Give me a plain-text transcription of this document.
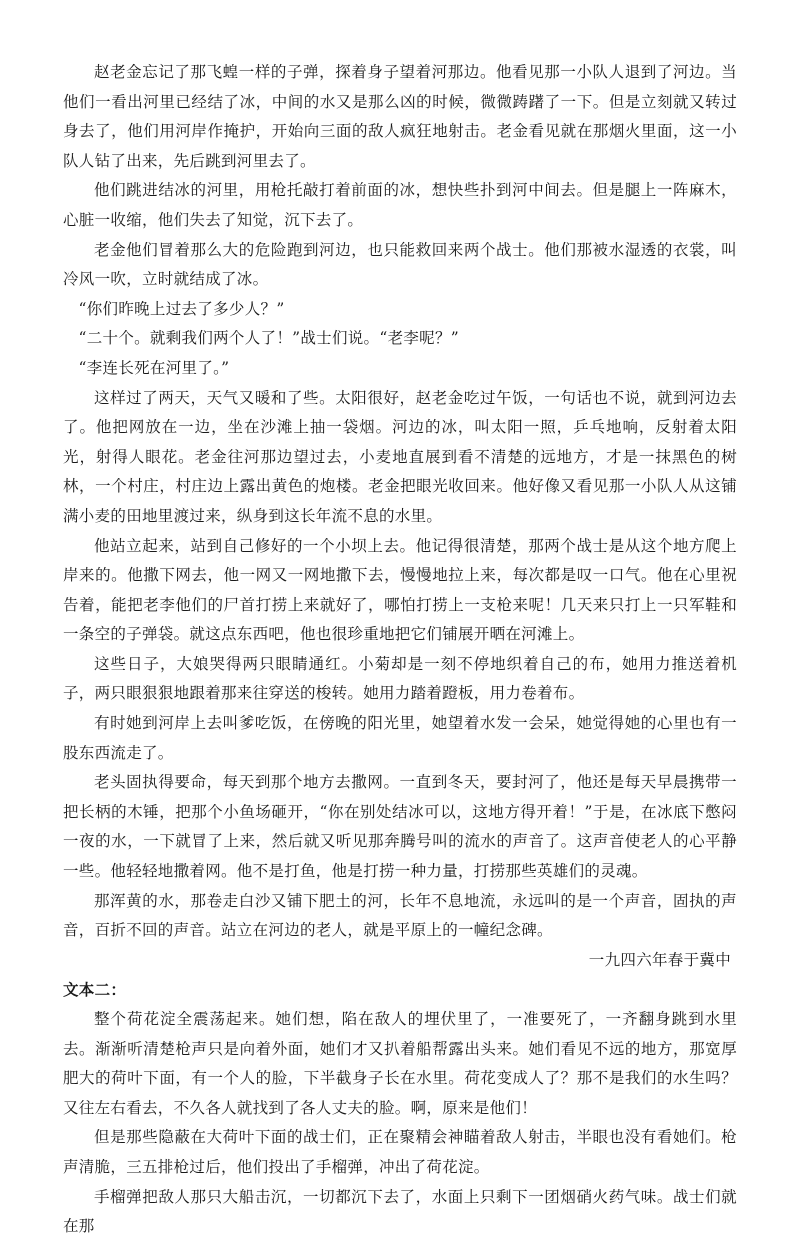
赵老金忘记了那飞蝗一样的子弹，探着身子望着河那边。他看见那一小队人退到了河边。当他们一看出河里已经结了冰，中间的水又是那么凶的时候，微微踌躇了一下。但是立刻就又转过身去了，他们用河岸作掩护，开始向三面的敌人疯狂地射击。老金看见就在那烟火里面，这一小队人钻了出来，先后跳到河里去了。

他们跳进结冰的河里，用枪托敲打着前面的冰，想快些扑到河中间去。但是腿上一阵麻木，心脏一收缩，他们失去了知觉，沉下去了。

老金他们冒着那么大的危险跑到河边，也只能救回来两个战士。他们那被水湿透的衣裳，叫冷风一吹，立时就结成了冰。

“你们昨晚上过去了多少人？”

“二十个。就剩我们两个人了！”战士们说。“老李呢？”

“李连长死在河里了。”

这样过了两天，天气又暖和了些。太阳很好，赵老金吃过午饭，一句话也不说，就到河边去了。他把网放在一边，坐在沙滩上抽一袋烟。河边的冰，叫太阳一照，乒乓地响，反射着太阳光，射得人眼花。老金往河那边望过去，小麦地直展到看不清楚的远地方，才是一抹黑色的树林，一个村庄，村庄边上露出黄色的炮楼。老金把眼光收回来。他好像又看见那一小队人从这铺满小麦的田地里渡过来，纵身到这长年流不息的水里。

他站立起来，站到自己修好的一个小坝上去。他记得很清楚，那两个战士是从这个地方爬上岸来的。他撒下网去，他一网又一网地撒下去，慢慢地拉上来，每次都是叹一口气。他在心里祝告着，能把老李他们的尸首打捞上来就好了，哪怕打捞上一支枪来呢！几天来只打上一只军鞋和一条空的子弹袋。就这点东西吧，他也很珍重地把它们铺展开晒在河滩上。

这些日子，大娘哭得两只眼睛通红。小菊却是一刻不停地织着自己的布，她用力推送着机子，两只眼狠狠地跟着那来往穿送的梭转。她用力踏着蹬板，用力卷着布。

有时她到河岸上去叫爹吃饭，在傍晚的阳光里，她望着水发一会呆，她觉得她的心里也有一股东西流走了。

老头固执得要命，每天到那个地方去撒网。一直到冬天，要封河了，他还是每天早晨携带一把长柄的木锤，把那个小鱼场砸开，“你在别处结冰可以，这地方得开着！”于是，在冰底下憋闷一夜的水，一下就冒了上来，然后就又听见那奔腾号叫的流水的声音了。这声音使老人的心平静一些。他轻轻地撒着网。他不是打鱼，他是打捞一种力量，打捞那些英雄们的灵魂。

那浑黄的水，那卷走白沙又铺下肥土的河，长年不息地流，永远叫的是一个声音，固执的声音，百折不回的声音。站立在河边的老人，就是平原上的一幢纪念碑。

一九四六年春于冀中

文本二：

整个荷花淀全震荡起来。她们想，陷在敌人的埋伏里了，一准要死了，一齐翻身跳到水里去。渐渐听清楚枪声只是向着外面，她们才又扒着船帮露出头来。她们看见不远的地方，那宽厚肥大的荷叶下面，有一个人的脸，下半截身子长在水里。荷花变成人了？那不是我们的水生吗？又往左右看去，不久各人就找到了各人丈夫的脸。啊，原来是他们！

但是那些隐蔽在大荷叶下面的战士们，正在聚精会神瞄着敌人射击，半眼也没有看她们。枪声清脆，三五排枪过后，他们投出了手榴弹，冲出了荷花淀。

手榴弹把敌人那只大船击沉，一切都沉下去了，水面上只剩下一团烟硝火药气味。战士们就在那
